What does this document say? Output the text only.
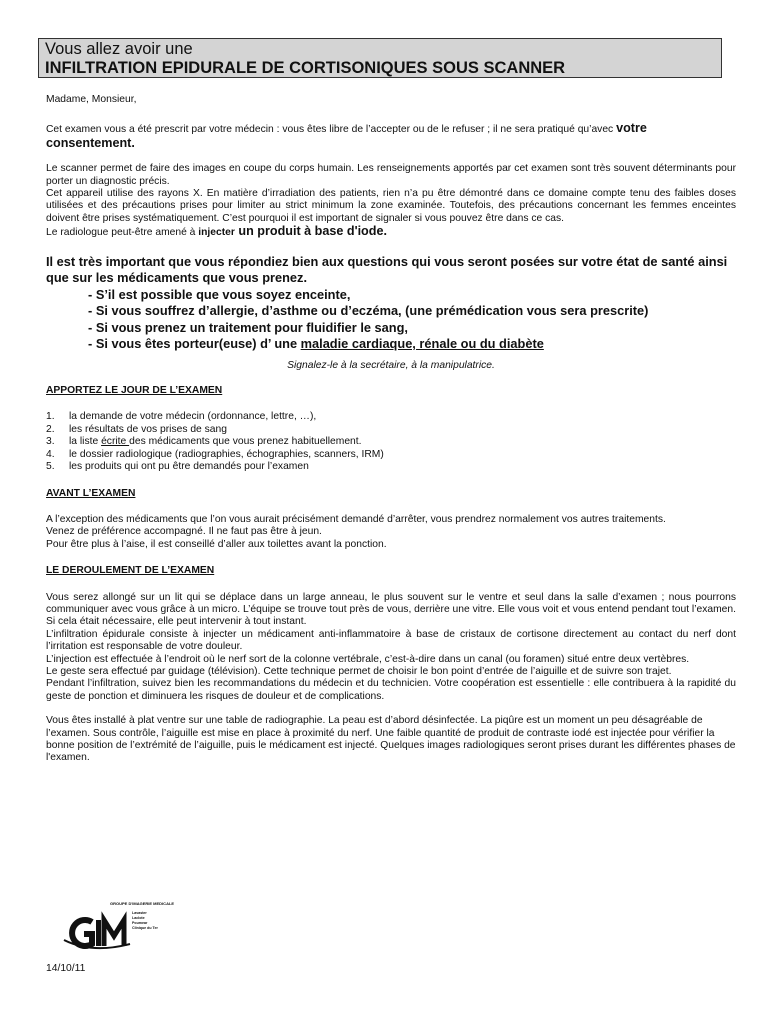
Vous allez avoir une
INFILTRATION EPIDURALE DE CORTISONIQUES SOUS SCANNER

Madame, Monsieur,

Cet examen vous a été prescrit par votre médecin : vous êtes libre de l’accepter ou de le refuser ; il ne sera pratiqué qu’avec votre consentement.

Le scanner permet de faire des images en coupe du corps humain. Les renseignements apportés par cet examen sont très souvent déterminants pour porter un diagnostic précis.

Cet appareil utilise des rayons X. En matière d’irradiation des patients, rien n’a pu être démontré dans ce domaine compte tenu des faibles doses utilisées et des précautions prises pour limiter au strict minimum la zone examinée. Toutefois, des précautions concernant les femmes enceintes doivent être prises systématiquement. C’est pourquoi il est important de signaler si vous pouvez être dans ce cas.

Le radiologue peut-être amené à injecter un produit à base d'iode.

Il est très important que vous répondiez bien aux questions qui vous seront posées sur votre état de santé ainsi que sur les médicaments que vous prenez.

- S’il est possible que vous soyez enceinte,
- Si vous souffrez d’allergie, d’asthme ou d’eczéma, (une prémédication vous sera prescrite)
- Si vous prenez un traitement pour fluidifier le sang,
- Si vous êtes porteur(euse) d’ une maladie cardiaque, rénale ou du diabète

Signalez-le à la secrétaire, à la manipulatrice.

APPORTEZ LE JOUR DE L’EXAMEN

1. la demande de votre médecin (ordonnance, lettre, …),
2. les résultats de vos prises de sang
3. la liste écrite des médicaments que vous prenez habituellement.
4. le dossier radiologique (radiographies, échographies, scanners, IRM)
5. les produits qui ont pu être demandés pour l’examen

AVANT L’EXAMEN

A l’exception des médicaments que l’on vous aurait précisément demandé d’arrêter, vous prendrez normalement vos autres traitements.

Venez de préférence accompagné. Il ne faut pas être à jeun.

Pour être plus à l’aise, il est conseillé d’aller aux toilettes avant la ponction.

LE DEROULEMENT DE L’EXAMEN

Vous serez allongé sur un lit qui se déplace dans un large anneau, le plus souvent sur le ventre et seul dans la salle d’examen ; nous pourrons communiquer avec vous grâce à un micro. L’équipe se trouve tout près de vous, derrière une vitre. Elle vous voit et vous entend pendant tout l’examen. Si cela était nécessaire, elle peut intervenir à tout instant.

L’infiltration épidurale consiste à injecter un médicament anti-inflammatoire à base de cristaux de cortisone directement au contact du nerf dont l’irritation est responsable de votre douleur.

L’injection est effectuée à l’endroit où le nerf sort de la colonne vertébrale, c’est-à-dire dans un canal (ou foramen) situé entre deux vertèbres.

Le geste sera effectué par guidage (télévision). Cette technique permet de choisir le bon point d’entrée de l’aiguille et de suivre son trajet.

Pendant l’infiltration, suivez bien les recommandations du médecin et du technicien. Votre coopération est essentielle : elle contribuera à la rapidité du geste de ponction et diminuera les risques de douleur et de complications.

Vous êtes installé à plat ventre sur une table de radiographie. La peau est d’abord désinfectée. La piqûre est un moment un peu désagréable de l’examen. Sous contrôle, l’aiguille est mise en place à proximité du nerf. Une faible quantité de produit de contraste iodé est injectée pour vérifier la bonne position de l’extrémité de l’aiguille, puis le médicament est injecté. Quelques images radiologiques seront prises durant les différentes phases de l'examen.

GROUPE D'IMAGERIE MEDICALE
Lavaster
Laclote
Poumear
Clinique du Ter
14/10/11
